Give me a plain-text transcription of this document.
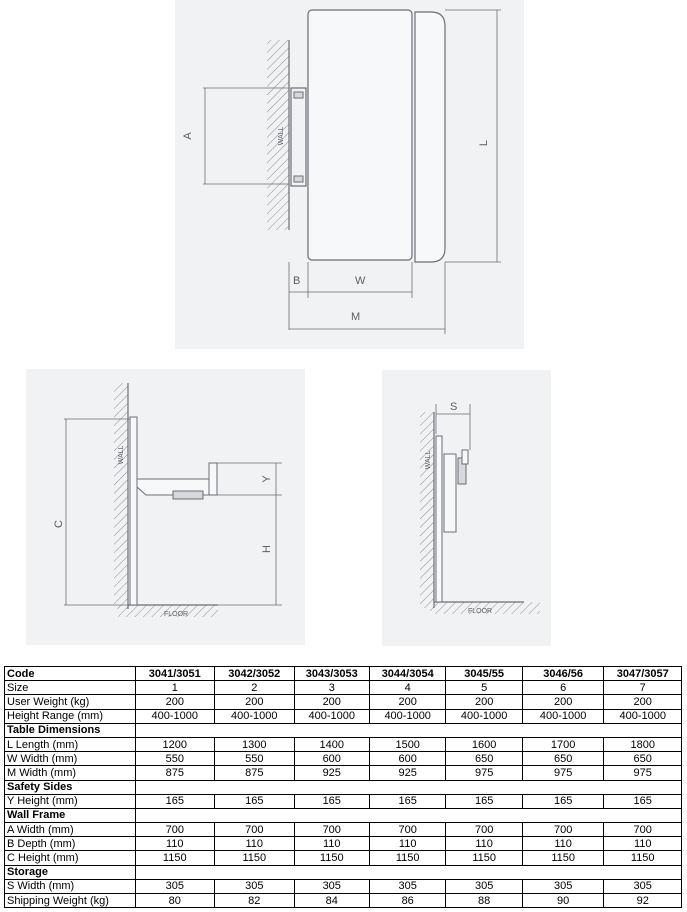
A	WALL	L
B	W
M
C
Y
H
WALL
FLOOR
S
WALL
FLOOR
Code	3041/3051	3042/3052	3043/3053	3044/3054	3045/55	3046/56	3047/3057
Size	1	2	3	4	5	6	7
User Weight (kg)	200	200	200	200	200	200	200
Height Range (mm)	400-1000	400-1000	400-1000	400-1000	400-1000	400-1000	400-1000
Table Dimensions							
L Length (mm)	1200	1300	1400	1500	1600	1700	1800
W Width (mm)	550	550	600	600	650	650	650
M Width (mm)	875	875	925	925	975	975	975
Safety Sides							
Y Height (mm)	165	165	165	165	165	165	165
Wall Frame							
A Width (mm)	700	700	700	700	700	700	700
B Depth (mm)	110	110	110	110	110	110	110
C Height (mm)	1150	1150	1150	1150	1150	1150	1150
Storage							
S Width (mm)	305	305	305	305	305	305	305
Shipping Weight (kg)	80	82	84	86	88	90	92
